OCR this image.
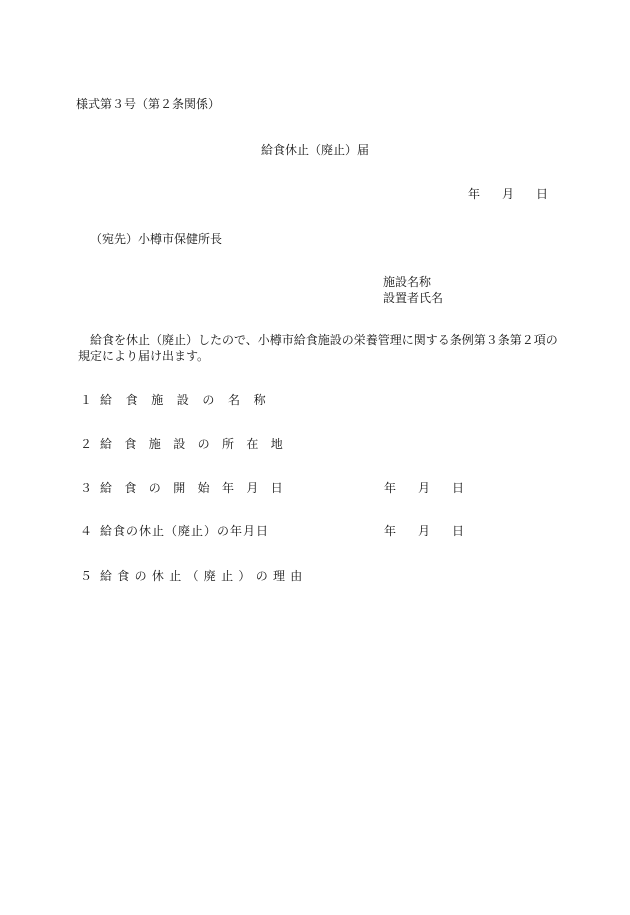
様式第３号（第２条関係）
給食休止（廃止）届
年 月 日
（宛先）小樽市保健所長
施設名称
設置者氏名
給食を休止（廃止）したので、小樽市給食施設の栄養管理に関する条例第３条第２項の規定により届け出ます。
１ 給食施設の名称
２ 給食施設の所在地
３ 給食の開始年月日	年 月 日
４ 給食の休止（廃止）の年月日	年 月 日
５ 給食の休止（廃止）の理由
